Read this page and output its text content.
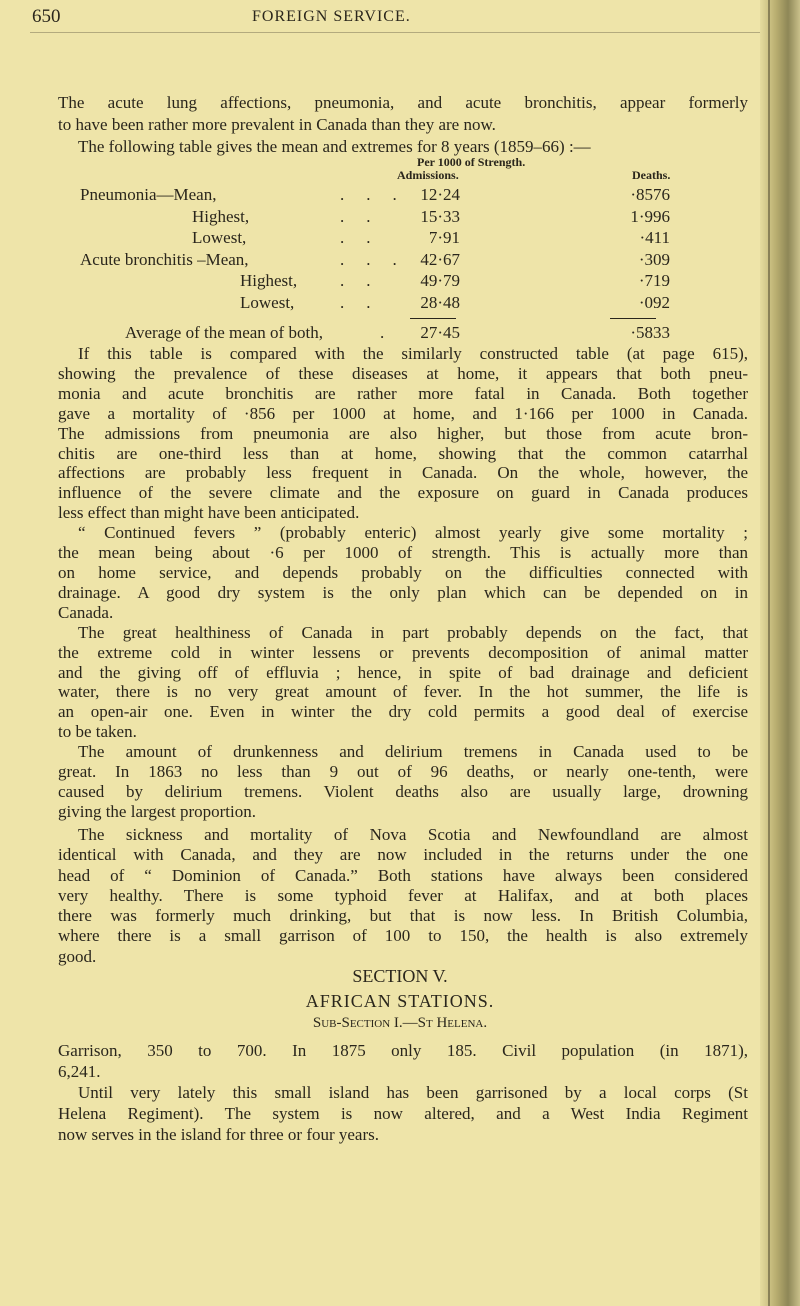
650	FOREIGN SERVICE.
The acute lung affections, pneumonia, and acute bronchitis, appear formerly
to have been rather more prevalent in Canada than they are now.
The following table gives the mean and extremes for 8 years (1859–66) :—
Per 1000 of Strength.
Admissions.	Deaths.
Pneumonia—Mean,	... 12·24	·8576
Highest,	..	15·33	1·996
Lowest,	..	7·91	·411
Acute bronchitis –Mean,	... 42·67	·309
Highest,	..	49·79	·719
Lowest,	..	28·48	·092
Average of the mean of both,	. 27·45	·5833
If this table is compared with the similarly constructed table (at page 615),
showing the prevalence of these diseases at home, it appears that both pneu-
monia and acute bronchitis are rather more fatal in Canada. Both together
gave a mortality of ·856 per 1000 at home, and 1·166 per 1000 in Canada.
The admissions from pneumonia are also higher, but those from acute bron-
chitis are one-third less than at home, showing that the common catarrhal
affections are probably less frequent in Canada. On the whole, however, the
influence of the severe climate and the exposure on guard in Canada produces
less effect than might have been anticipated.
“ Continued fevers ” (probably enteric) almost yearly give some mortality ;
the mean being about ·6 per 1000 of strength. This is actually more than
on home service, and depends probably on the difficulties connected with
drainage. A good dry system is the only plan which can be depended on in
Canada.
The great healthiness of Canada in part probably depends on the fact, that
the extreme cold in winter lessens or prevents decomposition of animal matter
and the giving off of effluvia ; hence, in spite of bad drainage and deficient
water, there is no very great amount of fever. In the hot summer, the life is
an open-air one. Even in winter the dry cold permits a good deal of exercise
to be taken.
The amount of drunkenness and delirium tremens in Canada used to be
great. In 1863 no less than 9 out of 96 deaths, or nearly one-tenth, were
caused by delirium tremens. Violent deaths also are usually large, drowning
giving the largest proportion.
The sickness and mortality of Nova Scotia and Newfoundland are almost
identical with Canada, and they are now included in the returns under the one
head of “ Dominion of Canada.” Both stations have always been considered
very healthy. There is some typhoid fever at Halifax, and at both places
there was formerly much drinking, but that is now less. In British Columbia,
where there is a small garrison of 100 to 150, the health is also extremely
good.
SECTION V.
AFRICAN STATIONS.
Sub-Section I.—St Helena.
Garrison, 350 to 700. In 1875 only 185. Civil population (in 1871),
6,241.
Until very lately this small island has been garrisoned by a local corps (St
Helena Regiment). The system is now altered, and a West India Regiment
now serves in the island for three or four years.
